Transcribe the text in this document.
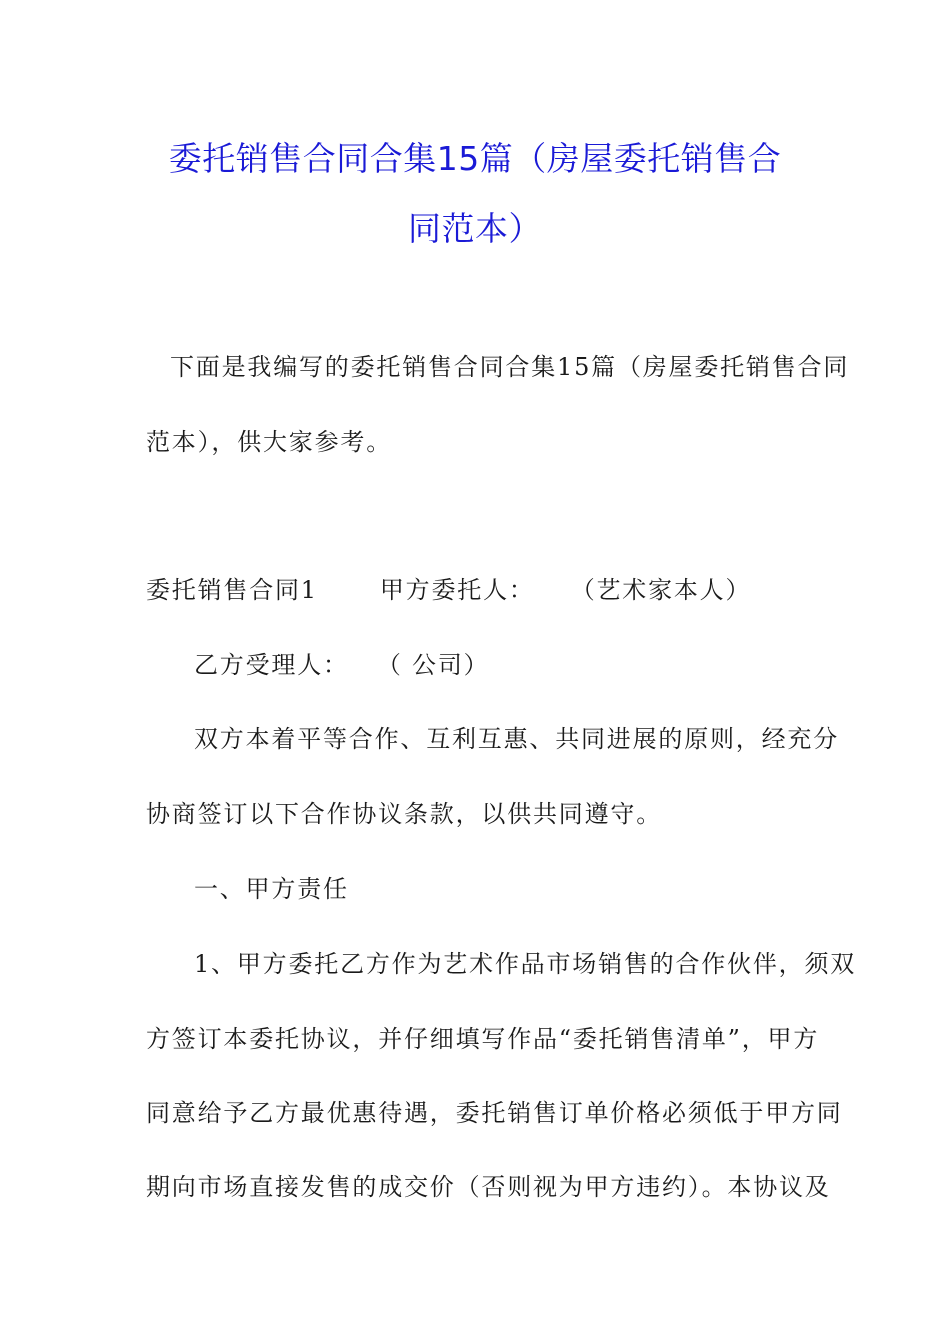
委托销售合同合集15篇（房屋委托销售合
同范本）
下面是我编写的委托销售合同合集15篇（房屋委托销售合同
范本），供大家参考。
委托销售合同1	甲方委托人： （艺术家本人）
乙方受理人： （ 公司）
双方本着平等合作、互利互惠、共同进展的原则，经充分
协商签订以下合作协议条款，以供共同遵守。
一、甲方责任
1、甲方委托乙方作为艺术作品市场销售的合作伙伴，须双
方签订本委托协议，并仔细填写作品“委托销售清单”，甲方
同意给予乙方最优惠待遇，委托销售订单价格必须低于甲方同
期向市场直接发售的成交价（否则视为甲方违约）。本协议及
